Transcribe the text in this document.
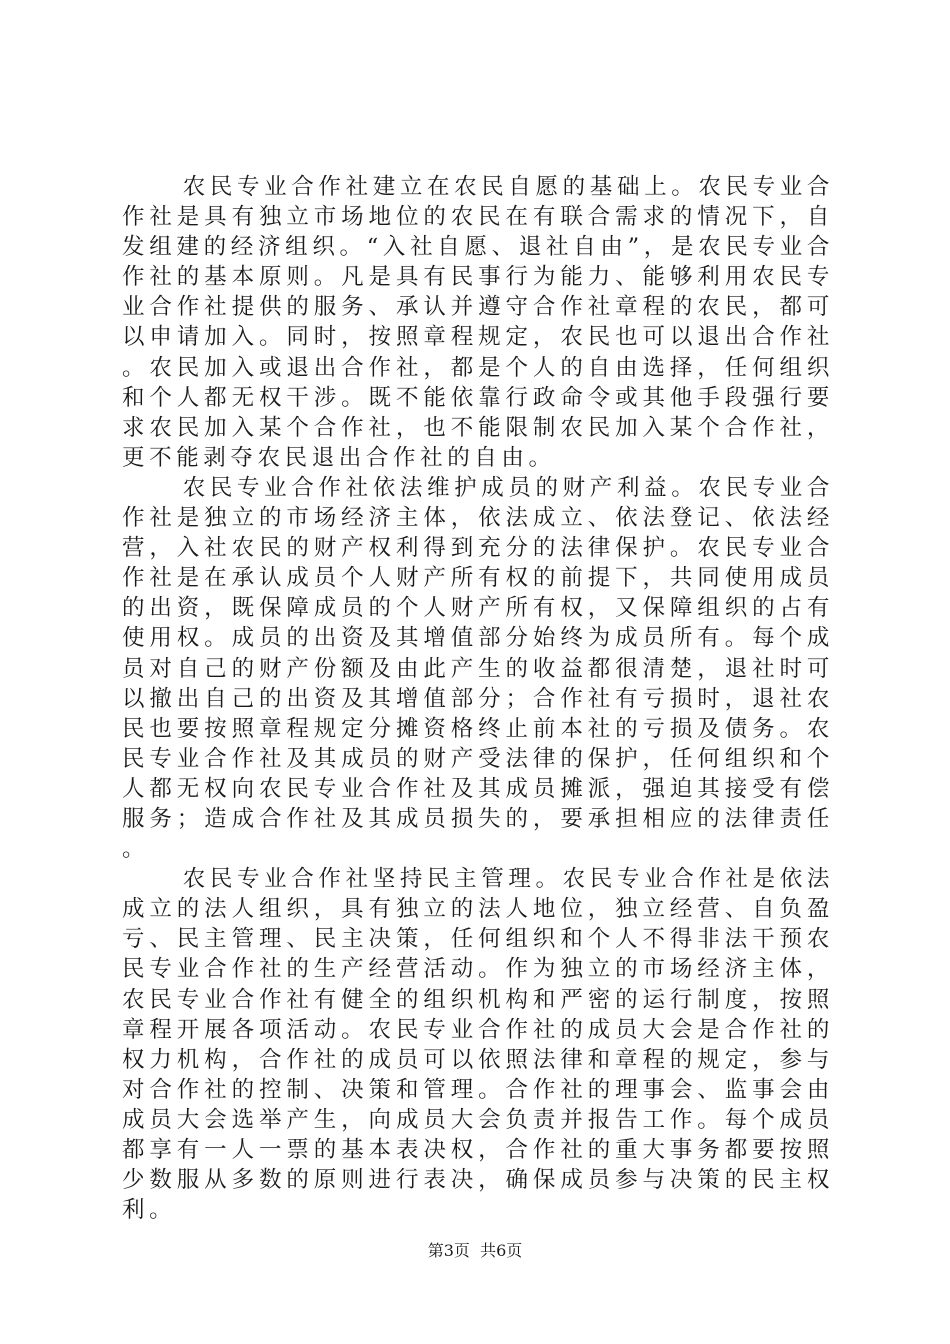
农民专业合作社建立在农民自愿的基础上。农民专业合作社是具有独立市场地位的农民在有联合需求的情况下，自发组建的经济组织。“入社自愿、退社自由”，是农民专业合作社的基本原则。凡是具有民事行为能力、能够利用农民专业合作社提供的服务、承认并遵守合作社章程的农民，都可以申请加入。同时，按照章程规定，农民也可以退出合作社。农民加入或退出合作社，都是个人的自由选择，任何组织和个人都无权干涉。既不能依靠行政命令或其他手段强行要求农民加入某个合作社，也不能限制农民加入某个合作社，更不能剥夺农民退出合作社的自由。

农民专业合作社依法维护成员的财产利益。农民专业合作社是独立的市场经济主体，依法成立、依法登记、依法经营，入社农民的财产权利得到充分的法律保护。农民专业合作社是在承认成员个人财产所有权的前提下，共同使用成员的出资，既保障成员的个人财产所有权，又保障组织的占有使用权。成员的出资及其增值部分始终为成员所有。每个成员对自己的财产份额及由此产生的收益都很清楚，退社时可以撤出自己的出资及其增值部分；合作社有亏损时，退社农民也要按照章程规定分摊资格终止前本社的亏损及债务。农民专业合作社及其成员的财产受法律的保护，任何组织和个人都无权向农民专业合作社及其成员摊派，强迫其接受有偿服务；造成合作社及其成员损失的，要承担相应的法律责任。

农民专业合作社坚持民主管理。农民专业合作社是依法成立的法人组织，具有独立的法人地位，独立经营、自负盈亏、民主管理、民主决策，任何组织和个人不得非法干预农民专业合作社的生产经营活动。作为独立的市场经济主体，农民专业合作社有健全的组织机构和严密的运行制度，按照章程开展各项活动。农民专业合作社的成员大会是合作社的权力机构，合作社的成员可以依照法律和章程的规定，参与对合作社的控制、决策和管理。合作社的理事会、监事会由成员大会选举产生，向成员大会负责并报告工作。每个成员都享有一人一票的基本表决权，合作社的重大事务都要按照少数服从多数的原则进行表决，确保成员参与决策的民主权利。

第3页 共6页
